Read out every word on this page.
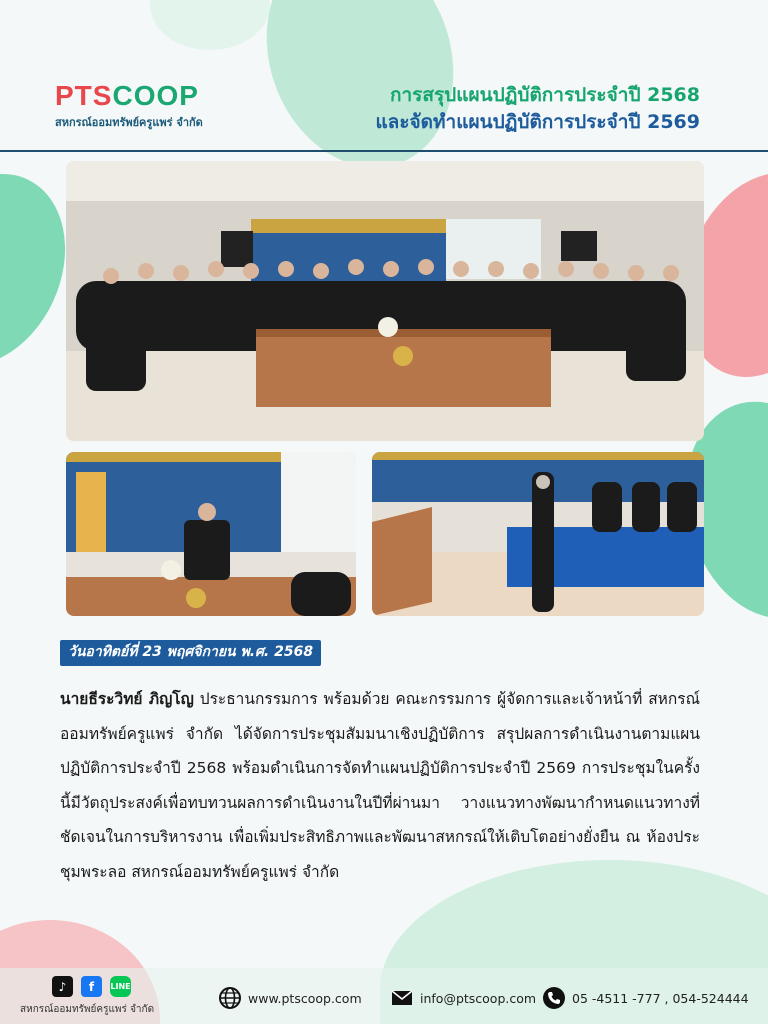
PTSCOOP
สหกรณ์ออมทรัพย์ครูแพร่ จำกัด
การสรุปแผนปฏิบัติการประจำปี 2568
และจัดทำแผนปฏิบัติการประจำปี 2569
วันอาทิตย์ที่ 23 พฤศจิกายน พ.ศ. 2568
นายธีระวิทย์ ภิญโญ ประธานกรรมการ พร้อมด้วย คณะกรรมการ ผู้จัดการและเจ้าหน้าที่ สหกรณ์ออมทรัพย์ครูแพร่ จำกัด ได้จัดการประชุมสัมมนาเชิงปฏิบัติการ สรุปผลการดำเนินงานตามแผนปฏิบัติการประจำปี 2568 พร้อมดำเนินการจัดทำแผนปฏิบัติการประจำปี 2569 การประชุมในครั้งนี้มีวัตถุประสงค์เพื่อทบทวนผลการดำเนินงานในปีที่ผ่านมา วางแนวทางพัฒนากำหนดแนวทางที่ชัดเจนในการบริหารงาน เพื่อเพิ่มประสิทธิภาพและพัฒนาสหกรณ์ให้เติบโตอย่างยั่งยืน ณ ห้องประชุมพระลอ สหกรณ์ออมทรัพย์ครูแพร่ จำกัด
♪	f	LINE
สหกรณ์ออมทรัพย์ครูแพร่ จำกัด
www.ptscoop.com	info@ptscoop.com	05 -4511 -777 , 054-524444
